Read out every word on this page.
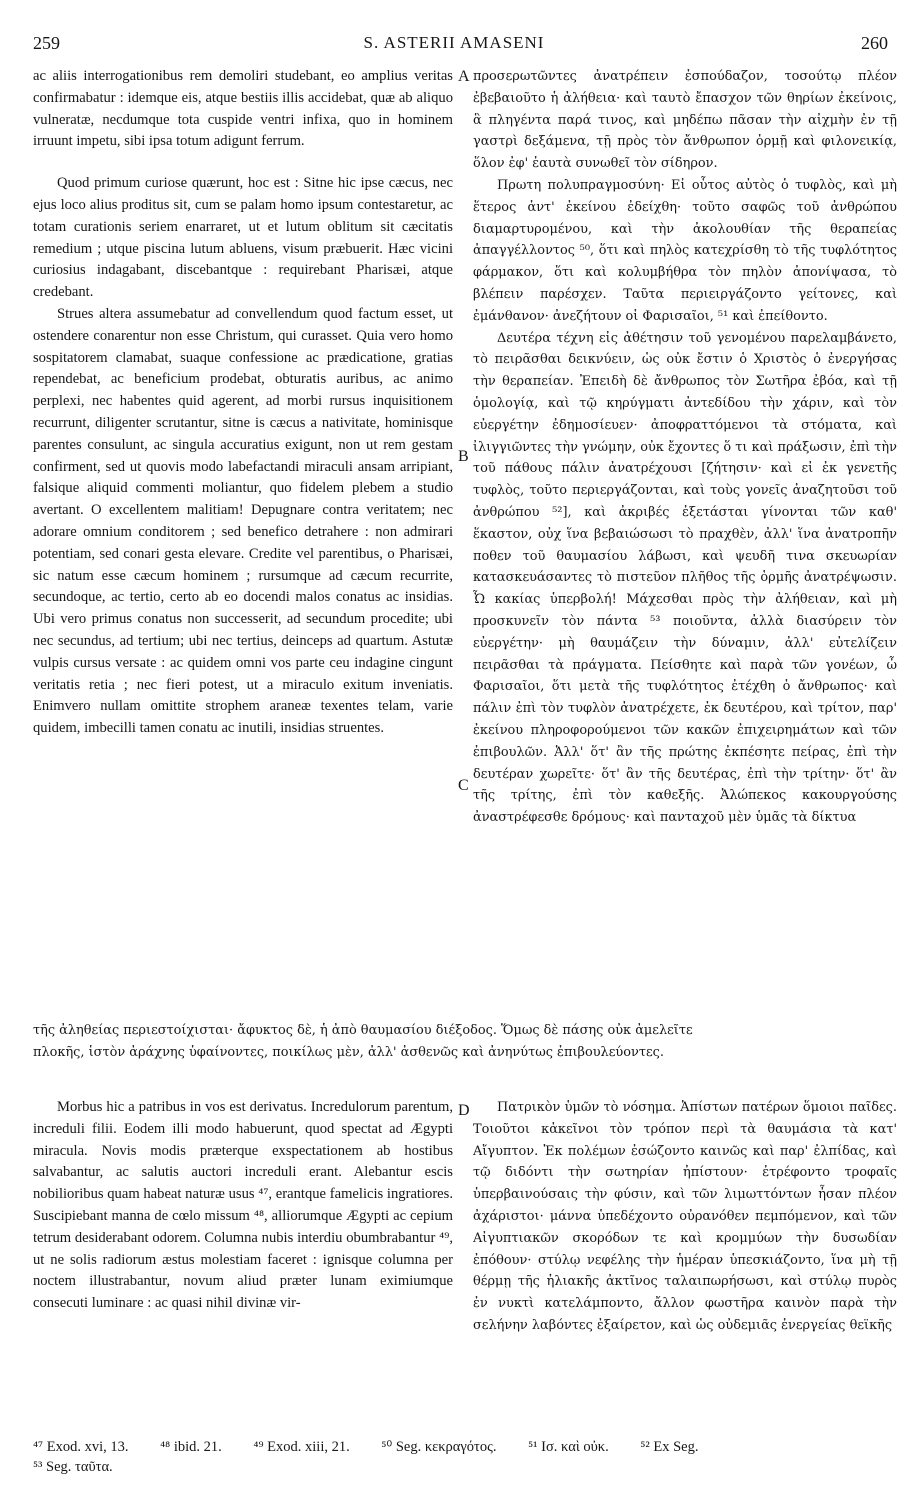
259	S. ASTERII AMASENI	260
A
B
C
D

ac aliis interrogationibus rem demoliri studebant, eo amplius veritas confirmabatur : idemque eis, atque bestiis illis accidebat, quæ ab aliquo vulneratæ, necdumque tota cuspide ventri infixa, quo in hominem irruunt impetu, sibi ipsa totum adigunt ferrum.

Quod primum curiose quærunt, hoc est : Sitne hic ipse cæcus, nec ejus loco alius proditus sit, cum se palam homo ipsum contestaretur, ac totam curationis seriem enarraret, ut et lutum oblitum sit cæcitatis remedium ; utque piscina lutum abluens, visum præbuerit. Hæc vicini curiosius indagabant, discebantque : requirebant Pharisæi, atque credebant.

Strues altera assumebatur ad convellendum quod factum esset, ut ostendere conarentur non esse Christum, qui curasset. Quia vero homo sospitatorem clamabat, suaque confessione ac prædicatione, gratias rependebat, ac beneficium prodebat, obturatis auribus, ac animo perplexi, nec habentes quid agerent, ad morbi rursus inquisitionem recurrunt, diligenter scrutantur, sitne is cæcus a nativitate, hominisque parentes consulunt, ac singula accuratius exigunt, non ut rem gestam confirment, sed ut quovis modo labefactandi miraculi ansam arripiant, falsique aliquid commenti moliantur, quo fidelem plebem a studio avertant. O excellentem malitiam! Depugnare contra veritatem; nec adorare omnium conditorem ; sed benefico detrahere : non admirari potentiam, sed conari gesta elevare. Credite vel parentibus, o Pharisæi, sic natum esse cæcum hominem ; rursumque ad cæcum recurrite, secundoque, ac tertio, certo ab eo docendi malos conatus ac insidias. Ubi vero primus conatus non successerit, ad secundum procedite; ubi nec secundus, ad tertium; ubi nec tertius, deinceps ad quartum. Astutæ vulpis cursus versate : ac quidem omni vos parte ceu indagine cingunt veritatis retia ; nec fieri potest, ut a miraculo exitum inveniatis. Enimvero nullam omittite strophem araneæ texentes telam, varie quidem, imbecilli tamen conatu ac inutili, insidias struentes.

προσερωτῶντες ἀνατρέπειν ἐσπούδαζον, τοσούτῳ πλέον ἐβεβαιοῦτο ἡ ἀλήθεια· καὶ ταυτὸ ἔπασχον τῶν θηρίων ἐκείνοις, ἃ πληγέντα παρά τινος, καὶ μηδέπω πᾶσαν τὴν αἰχμὴν ἐν τῇ γαστρὶ δεξάμενα, τῇ πρὸς τὸν ἄνθρωπον ὁρμῇ καὶ φιλονεικίᾳ, ὅλον ἐφ' ἑαυτὰ συνωθεῖ τὸν σίδηρον.

Πρωτη πολυπραγμοσύνη· Εἰ οὗτος αὐτὸς ὁ τυφλὸς, καὶ μὴ ἕτερος ἀντ' ἐκείνου ἐδείχθη· τοῦτο σαφῶς τοῦ ἀνθρώπου διαμαρτυρομένου, καὶ τὴν ἀκολουθίαν τῆς θεραπείας ἀπαγγέλλοντος ⁵⁰, ὅτι καὶ πηλὸς κατεχρίσθη τὸ τῆς τυφλότητος φάρμακον, ὅτι καὶ κολυμβήθρα τὸν πηλὸν ἀπονίψασα, τὸ βλέπειν παρέσχεν. Ταῦτα περιειργάζοντο γείτονες, καὶ ἐμάνθανον· ἀνεζήτουν οἱ Φαρισαῖοι, ⁵¹ καὶ ἐπείθοντο.

Δευτέρα τέχνη εἰς ἀθέτησιν τοῦ γενομένου παρελαμβάνετο, τὸ πειρᾶσθαι δεικνύειν, ὡς οὐκ ἔστιν ὁ Χριστὸς ὁ ἐνεργήσας τὴν θεραπείαν. Ἐπειδὴ δὲ ἄνθρωπος τὸν Σωτῆρα ἐβόα, καὶ τῇ ὁμολογίᾳ, καὶ τῷ κηρύγματι ἀντεδίδου τὴν χάριν, καὶ τὸν εὐεργέτην ἐδημοσίευεν· ἀποφραττόμενοι τὰ στόματα, καὶ ἰλιγγιῶντες τὴν γνώμην, οὐκ ἔχοντες ὅ τι καὶ πράξωσιν, ἐπὶ τὴν τοῦ πάθους πάλιν ἀνατρέχουσι [ζήτησιν· καὶ εἰ ἐκ γενετῆς τυφλὸς, τοῦτο περιεργάζονται, καὶ τοὺς γονεῖς ἀναζητοῦσι τοῦ ἀνθρώπου ⁵²], καὶ ἀκριβές ἐξετάσται γίνονται τῶν καθ' ἕκαστον, οὐχ ἵνα βεβαιώσωσι τὸ πραχθὲν, ἀλλ' ἵνα ἀνατροπῆν ποθεν τοῦ θαυμασίου λάβωσι, καὶ ψευδῆ τινα σκευωρίαν κατασκευάσαντες τὸ πιστεῦον πλῆθος τῆς ὁρμῆς ἀνατρέψωσιν. Ὦ κακίας ὑπερβολή! Μάχεσθαι πρὸς τὴν ἀλήθειαν, καὶ μὴ προσκυνεῖν τὸν πάντα ⁵³ ποιοῦντα, ἀλλὰ διασύρειν τὸν εὐεργέτην· μὴ θαυμάζειν τὴν δύναμιν, ἀλλ' εὐτελίζειν πειρᾶσθαι τὰ πράγματα. Πείσθητε καὶ παρὰ τῶν γονέων, ὦ Φαρισαῖοι, ὅτι μετὰ τῆς τυφλότητος ἐτέχθη ὁ ἄνθρωπος· καὶ πάλιν ἐπὶ τὸν τυφλὸν ἀνατρέχετε, ἐκ δευτέρου, καὶ τρίτον, παρ' ἐκείνου πληροφορούμενοι τῶν κακῶν ἐπιχειρημάτων καὶ τῶν ἐπιβουλῶν. Ἀλλ' ὅτ' ἂν τῆς πρώτης ἐκπέσητε πείρας, ἐπὶ τὴν δευτέραν χωρεῖτε· ὅτ' ἂν τῆς δευτέρας, ἐπὶ τὴν τρίτην· ὅτ' ἂν τῆς τρίτης, ἐπὶ τὸν καθεξῆς. Ἀλώπεκος κακουργούσης ἀναστρέφεσθε δρόμους· καὶ πανταχοῦ μὲν ὑμᾶς τὰ δίκτυα

τῆς ἀληθείας περιεστοίχισται· ἄφυκτος δὲ, ἡ ἀπὸ θαυμασίου διέξοδος. Ὅμως δὲ πάσης οὐκ ἀμελεῖτε
πλοκῆς, ἱστὸν ἀράχνης ὑφαίνοντες, ποικίλως μὲν, ἀλλ' ἀσθενῶς καὶ ἀνηνύτως ἐπιβουλεύοντες.

Morbus hic a patribus in vos est derivatus. Incredulorum parentum, increduli filii. Eodem illi modo habuerunt, quod spectat ad Ægypti miracula. Novis modis præterque exspectationem ab hostibus salvabantur, ac salutis auctori increduli erant. Alebantur escis nobilioribus quam habeat naturæ usus ⁴⁷, erantque famelicis ingratiores. Suscipiebant manna de cœlo missum ⁴⁸, alliorumque Ægypti ac cepium tetrum desiderabant odorem. Columna nubis interdiu obumbrabantur ⁴⁹, ut ne solis radiorum æstus molestiam faceret : ignisque columna per noctem illustrabantur, novum aliud præter lunam eximiumque consecuti luminare : ac quasi nihil divinæ vir-

Πατρικὸν ὑμῶν τὸ νόσημα. Ἀπίστων πατέρων ὅμοιοι παῖδες. Τοιοῦτοι κἀκεῖνοι τὸν τρόπον περὶ τὰ θαυμάσια τὰ κατ' Αἴγυπτον. Ἐκ πολέμων ἐσώζοντο καινῶς καὶ παρ' ἐλπίδας, καὶ τῷ διδόντι τὴν σωτηρίαν ἠπίστουν· ἐτρέφοντο τροφαῖς ὑπερβαινούσαις τὴν φύσιν, καὶ τῶν λιμωττόντων ἦσαν πλέον ἀχάριστοι· μάννα ὑπεδέχοντο οὐρανόθεν πεμπόμενον, καὶ τῶν Αἰγυπτιακῶν σκορόδων τε καὶ κρομμύων τὴν δυσωδίαν ἐπόθουν· στύλῳ νεφέλης τὴν ἡμέραν ὑπεσκιάζοντο, ἵνα μὴ τῇ θέρμῃ τῆς ἡλιακῆς ἀκτῖνος ταλαιπωρήσωσι, καὶ στύλῳ πυρὸς ἐν νυκτὶ κατελάμποντο, ἄλλον φωστῆρα καινὸν παρὰ τὴν σελήνην λαβόντες ἐξαίρετον, καὶ ὡς οὐδεμιᾶς ἐνεργείας θεϊκῆς

⁴⁷ Exod. xvi, 13. ⁴⁸ ibid. 21. ⁴⁹ Exod. xiii, 21. ⁵⁰ Seg. κεκραγότος. ⁵¹ Ισ. καὶ οὐκ. ⁵² Ex Seg.
⁵³ Seg. ταῦτα.
